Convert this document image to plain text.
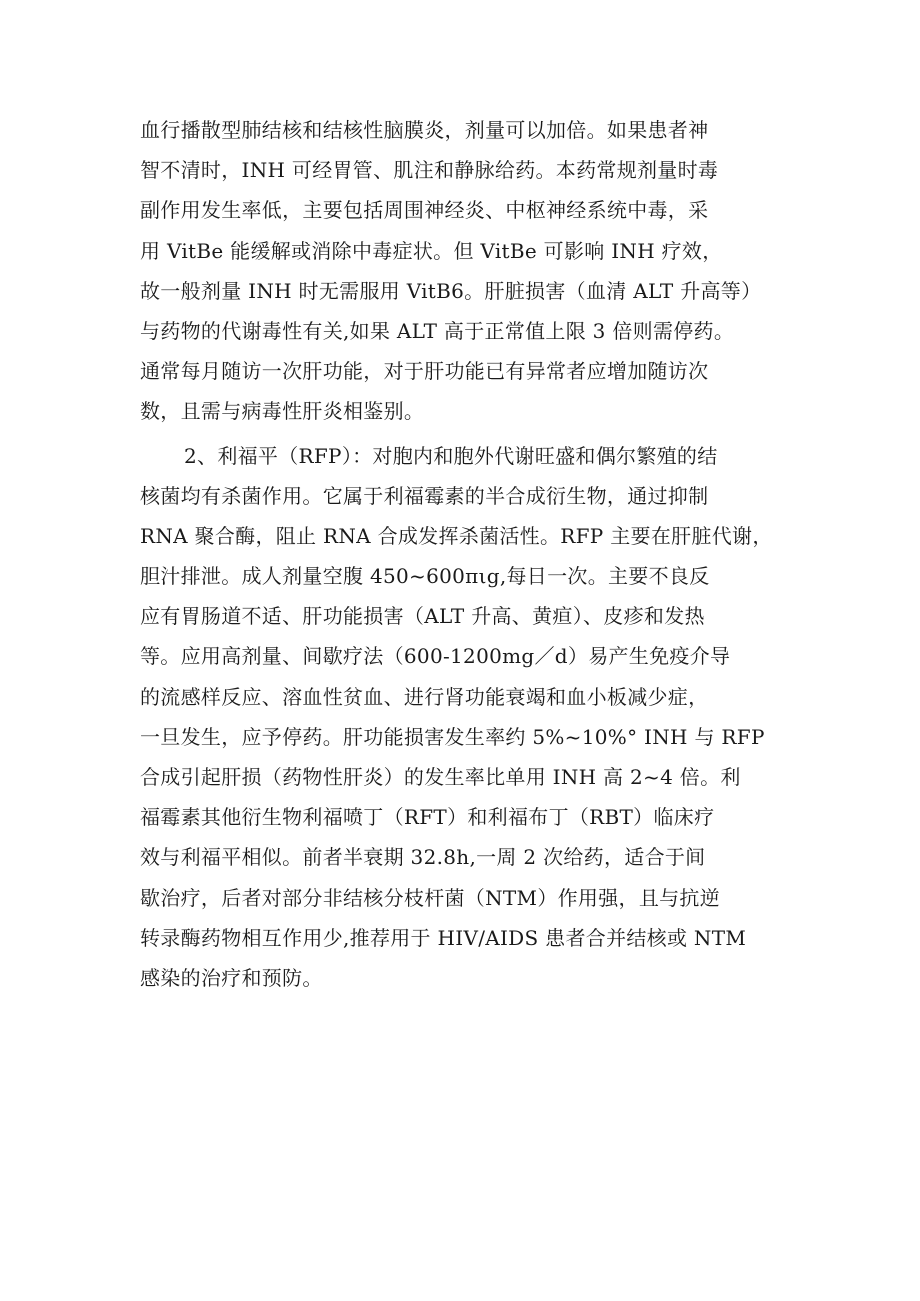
血行播散型肺结核和结核性脑膜炎，剂量可以加倍。如果患者神
智不清时，INH 可经胃管、肌注和静脉给药。本药常规剂量时毒
副作用发生率低，主要包括周围神经炎、中枢神经系统中毒，采
用 VitBe 能缓解或消除中毒症状。但 VitBe 可影响 INH 疗效，
故一般剂量 INH 时无需服用 VitB6。肝脏损害（血清 ALT 升高等）
与药物的代谢毒性有关,如果 ALT 高于正常值上限 3 倍则需停药。
通常每月随访一次肝功能，对于肝功能已有异常者应增加随访次
数，且需与病毒性肝炎相鉴别。
2、利福平（RFP）：对胞内和胞外代谢旺盛和偶尔繁殖的结
核菌均有杀菌作用。它属于利福霉素的半合成衍生物，通过抑制
RNA 聚合酶，阻止 RNA 合成发挥杀菌活性。RFP 主要在肝脏代谢，
胆汁排泄。成人剂量空腹 450~600πιg,每日一次。主要不良反
应有胃肠道不适、肝功能损害（ALT 升高、黄疸）、皮疹和发热
等。应用高剂量、间歇疗法（600-1200mg／d）易产生免疫介导
的流感样反应、溶血性贫血、进行肾功能衰竭和血小板减少症，
一旦发生，应予停药。肝功能损害发生率约 5%~10%° INH 与 RFP
合成引起肝损（药物性肝炎）的发生率比单用 INH 高 2~4 倍。利
福霉素其他衍生物利福喷丁（RFT）和利福布丁（RBT）临床疗
效与利福平相似。前者半衰期 32.8h,一周 2 次给药，适合于间
歇治疗，后者对部分非结核分枝杆菌（NTM）作用强，且与抗逆
转录酶药物相互作用少,推荐用于 HIV/AIDS 患者合并结核或 NTM
感染的治疗和预防。
